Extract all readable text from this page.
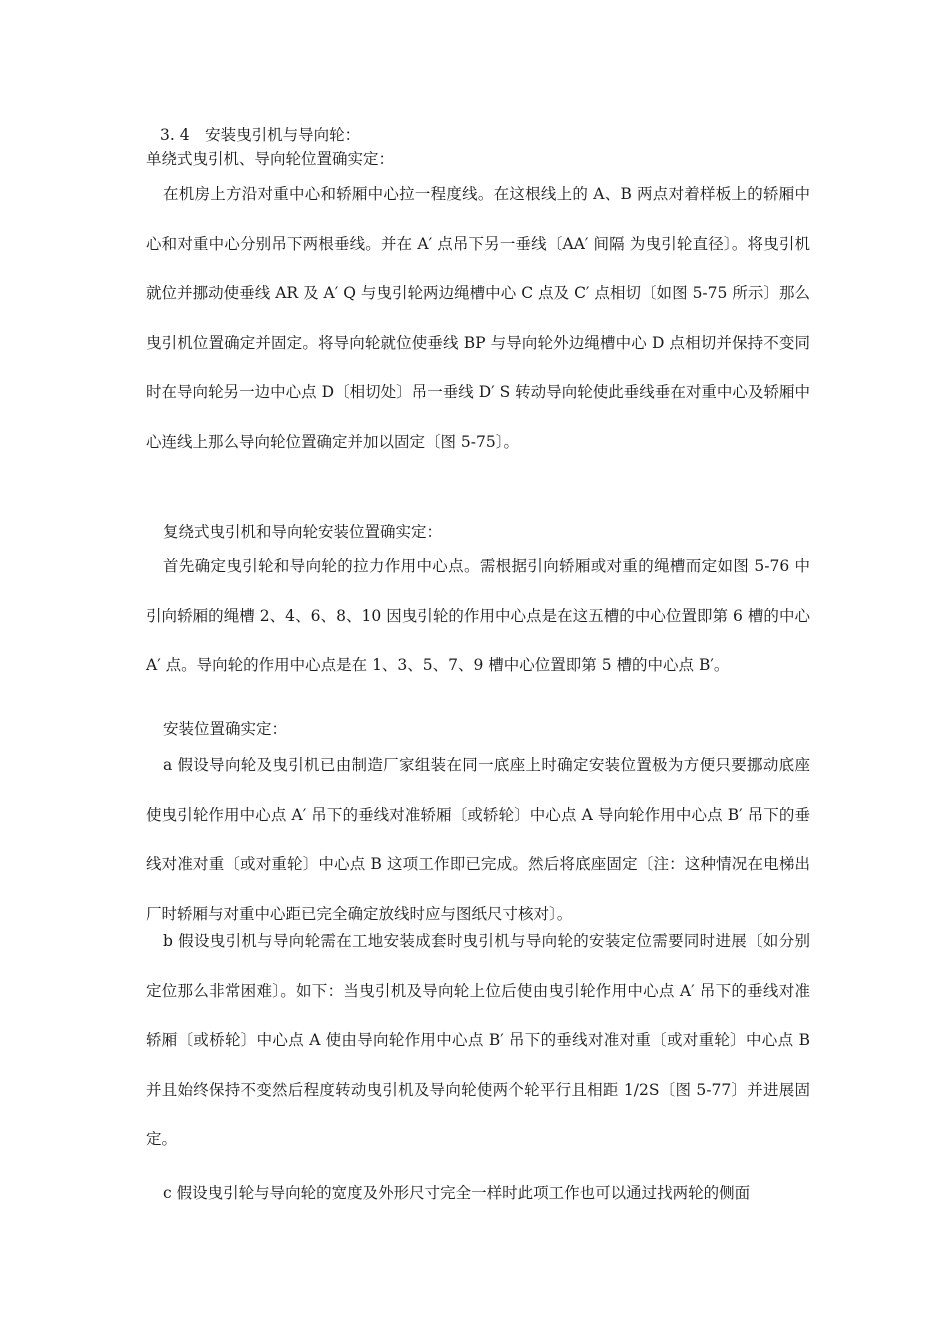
3. 4　安装曳引机与导向轮：
单绕式曳引机、导向轮位置确实定：

在机房上方沿对重中心和轿厢中心拉一程度线。在这根线上的 A、B 两点对着样板上的轿厢中心和对重中心分别吊下两根垂线。并在 A′ 点吊下另一垂线〔AA′ 间隔 为曳引轮直径〕。将曳引机就位并挪动使垂线 AR 及 A′ Q 与曳引轮两边绳槽中心 C 点及 C′ 点相切〔如图 5-75 所示〕那么曳引机位置确定并固定。将导向轮就位使垂线 BP 与导向轮外边绳槽中心 D 点相切并保持不变同时在导向轮另一边中心点 D〔相切处〕吊一垂线 D′ S 转动导向轮使此垂线垂在对重中心及轿厢中心连线上那么导向轮位置确定并加以固定〔图 5-75〕。

复绕式曳引机和导向轮安装位置确实定：

首先确定曳引轮和导向轮的拉力作用中心点。需根据引向轿厢或对重的绳槽而定如图 5-76 中引向轿厢的绳槽 2、4、6、8、10 因曳引轮的作用中心点是在这五槽的中心位置即第 6 槽的中心 A′ 点。导向轮的作用中心点是在 1、3、5、7、9 槽中心位置即第 5 槽的中心点 B′。

安装位置确实定：

a 假设导向轮及曳引机已由制造厂家组装在同一底座上时确定安装位置极为方便只要挪动底座使曳引轮作用中心点 A′ 吊下的垂线对准轿厢〔或轿轮〕中心点 A 导向轮作用中心点 B′ 吊下的垂线对准对重〔或对重轮〕中心点 B 这项工作即已完成。然后将底座固定〔注：这种情况在电梯出厂时轿厢与对重中心距已完全确定放线时应与图纸尺寸核对〕。

b 假设曳引机与导向轮需在工地安装成套时曳引机与导向轮的安装定位需要同时进展〔如分别定位那么非常困难〕。如下：当曳引机及导向轮上位后使由曳引轮作用中心点 A′ 吊下的垂线对准轿厢〔或桥轮〕中心点 A 使由导向轮作用中心点 B′ 吊下的垂线对准对重〔或对重轮〕中心点 B 并且始终保持不变然后程度转动曳引机及导向轮使两个轮平行且相距 1/2S〔图 5-77〕并进展固定。

c 假设曳引轮与导向轮的宽度及外形尺寸完全一样时此项工作也可以通过找两轮的侧面
